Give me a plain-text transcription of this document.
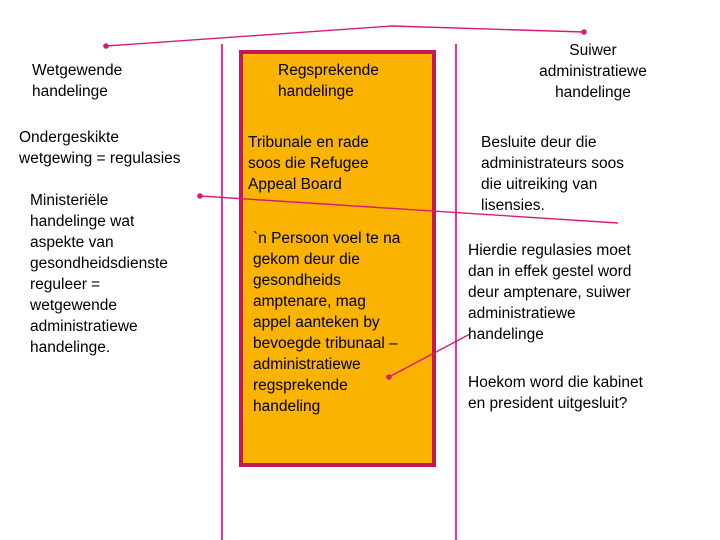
Wetgewende
handelinge
Ondergeskikte
wetgewing = regulasies
Ministeriële
handelinge wat
aspekte van
gesondheidsdienste
reguleer =
wetgewende
administratiewe
handelinge.
Regsprekende
handelinge
Tribunale en rade
soos die Refugee
Appeal Board
`n Persoon voel te na
gekom deur die
gesondheids
amptenare, mag
appel aanteken by
bevoegde tribunaal –
administratiewe
regsprekende
handeling
Suiwer
administratiewe
handelinge
Besluite deur die
administrateurs soos
die uitreiking van
lisensies.
Hierdie regulasies moet
dan in effek gestel word
deur amptenare, suiwer
administratiewe
handelinge
Hoekom word die kabinet
en president uitgesluit?
